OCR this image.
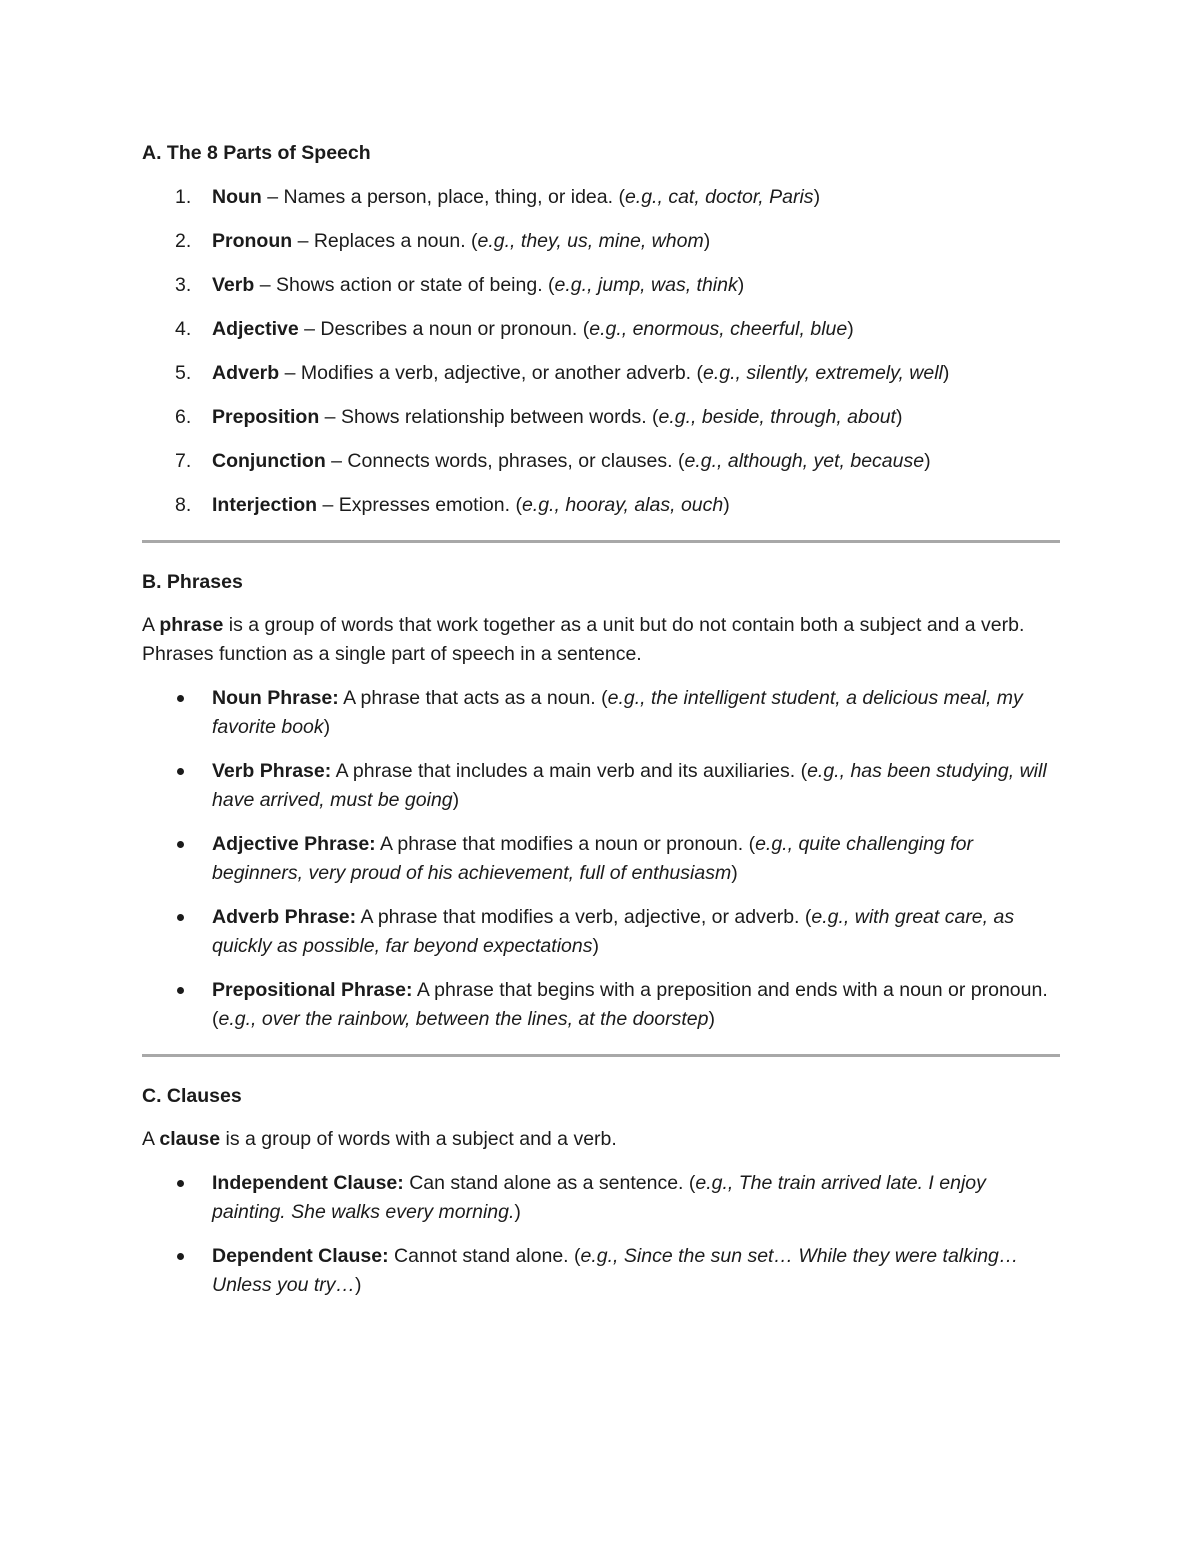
A. The 8 Parts of Speech

1. Noun – Names a person, place, thing, or idea. (e.g., cat, doctor, Paris)
2. Pronoun – Replaces a noun. (e.g., they, us, mine, whom)
3. Verb – Shows action or state of being. (e.g., jump, was, think)
4. Adjective – Describes a noun or pronoun. (e.g., enormous, cheerful, blue)
5. Adverb – Modifies a verb, adjective, or another adverb. (e.g., silently, extremely, well)
6. Preposition – Shows relationship between words. (e.g., beside, through, about)
7. Conjunction – Connects words, phrases, or clauses. (e.g., although, yet, because)
8. Interjection – Expresses emotion. (e.g., hooray, alas, ouch)

B. Phrases

A phrase is a group of words that work together as a unit but do not contain both a subject and a verb. Phrases function as a single part of speech in a sentence.

Noun Phrase: A phrase that acts as a noun. (e.g., the intelligent student, a delicious meal, my favorite book)
Verb Phrase: A phrase that includes a main verb and its auxiliaries. (e.g., has been studying, will have arrived, must be going)
Adjective Phrase: A phrase that modifies a noun or pronoun. (e.g., quite challenging for beginners, very proud of his achievement, full of enthusiasm)
Adverb Phrase: A phrase that modifies a verb, adjective, or adverb. (e.g., with great care, as quickly as possible, far beyond expectations)
Prepositional Phrase: A phrase that begins with a preposition and ends with a noun or pronoun. (e.g., over the rainbow, between the lines, at the doorstep)

C. Clauses

A clause is a group of words with a subject and a verb.

Independent Clause: Can stand alone as a sentence. (e.g., The train arrived late. I enjoy painting. She walks every morning.)
Dependent Clause: Cannot stand alone. (e.g., Since the sun set… While they were talking… Unless you try…)
